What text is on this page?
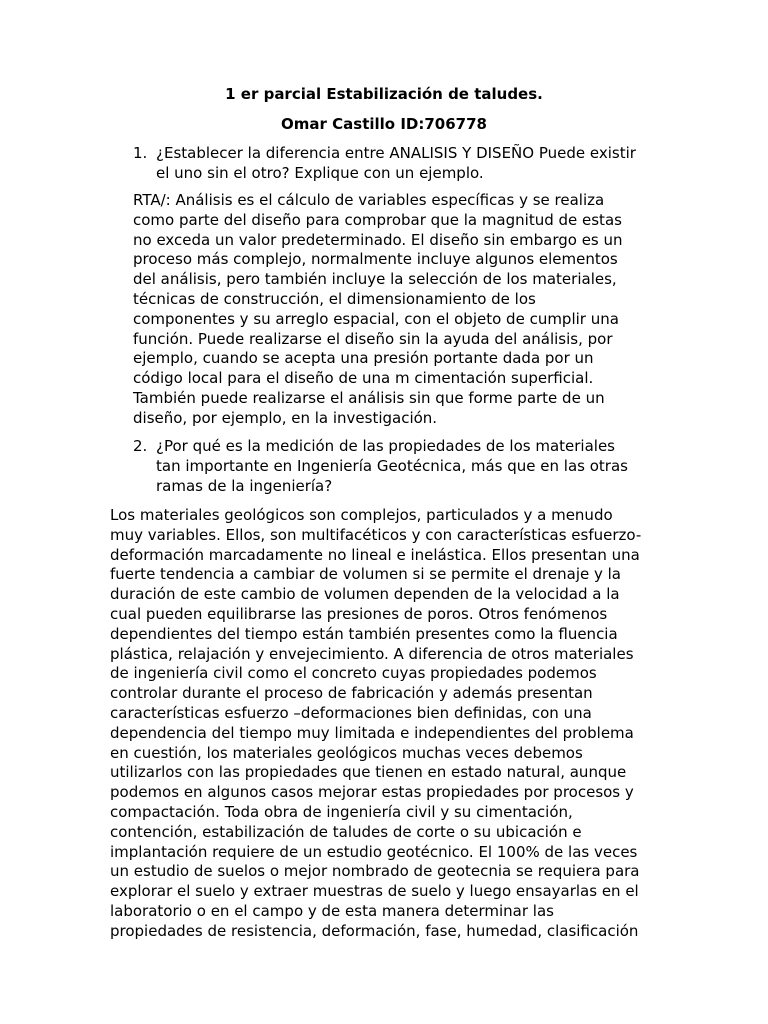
1 er parcial Estabilización de taludes.
Omar Castillo ID:706778
1. ¿Establecer la diferencia entre ANALISIS Y DISEÑO Puede existir
el uno sin el otro? Explique con un ejemplo.
RTA/: Análisis es el cálculo de variables específicas y se realiza
como parte del diseño para comprobar que la magnitud de estas
no exceda un valor predeterminado. El diseño sin embargo es un
proceso más complejo, normalmente incluye algunos elementos
del análisis, pero también incluye la selección de los materiales,
técnicas de construcción, el dimensionamiento de los
componentes y su arreglo espacial, con el objeto de cumplir una
función. Puede realizarse el diseño sin la ayuda del análisis, por
ejemplo, cuando se acepta una presión portante dada por un
código local para el diseño de una m cimentación superficial.
También puede realizarse el análisis sin que forme parte de un
diseño, por ejemplo, en la investigación.
2. ¿Por qué es la medición de las propiedades de los materiales
tan importante en Ingeniería Geotécnica, más que en las otras
ramas de la ingeniería?
Los materiales geológicos son complejos, particulados y a menudo
muy variables. Ellos, son multifacéticos y con características esfuerzo-
deformación marcadamente no lineal e inelástica. Ellos presentan una
fuerte tendencia a cambiar de volumen si se permite el drenaje y la
duración de este cambio de volumen dependen de la velocidad a la
cual pueden equilibrarse las presiones de poros. Otros fenómenos
dependientes del tiempo están también presentes como la fluencia
plástica, relajación y envejecimiento. A diferencia de otros materiales
de ingeniería civil como el concreto cuyas propiedades podemos
controlar durante el proceso de fabricación y además presentan
características esfuerzo –deformaciones bien definidas, con una
dependencia del tiempo muy limitada e independientes del problema
en cuestión, los materiales geológicos muchas veces debemos
utilizarlos con las propiedades que tienen en estado natural, aunque
podemos en algunos casos mejorar estas propiedades por procesos y
compactación. Toda obra de ingeniería civil y su cimentación,
contención, estabilización de taludes de corte o su ubicación e
implantación requiere de un estudio geotécnico. El 100% de las veces
un estudio de suelos o mejor nombrado de geotecnia se requiera para
explorar el suelo y extraer muestras de suelo y luego ensayarlas en el
laboratorio o en el campo y de esta manera determinar las
propiedades de resistencia, deformación, fase, humedad, clasificación
